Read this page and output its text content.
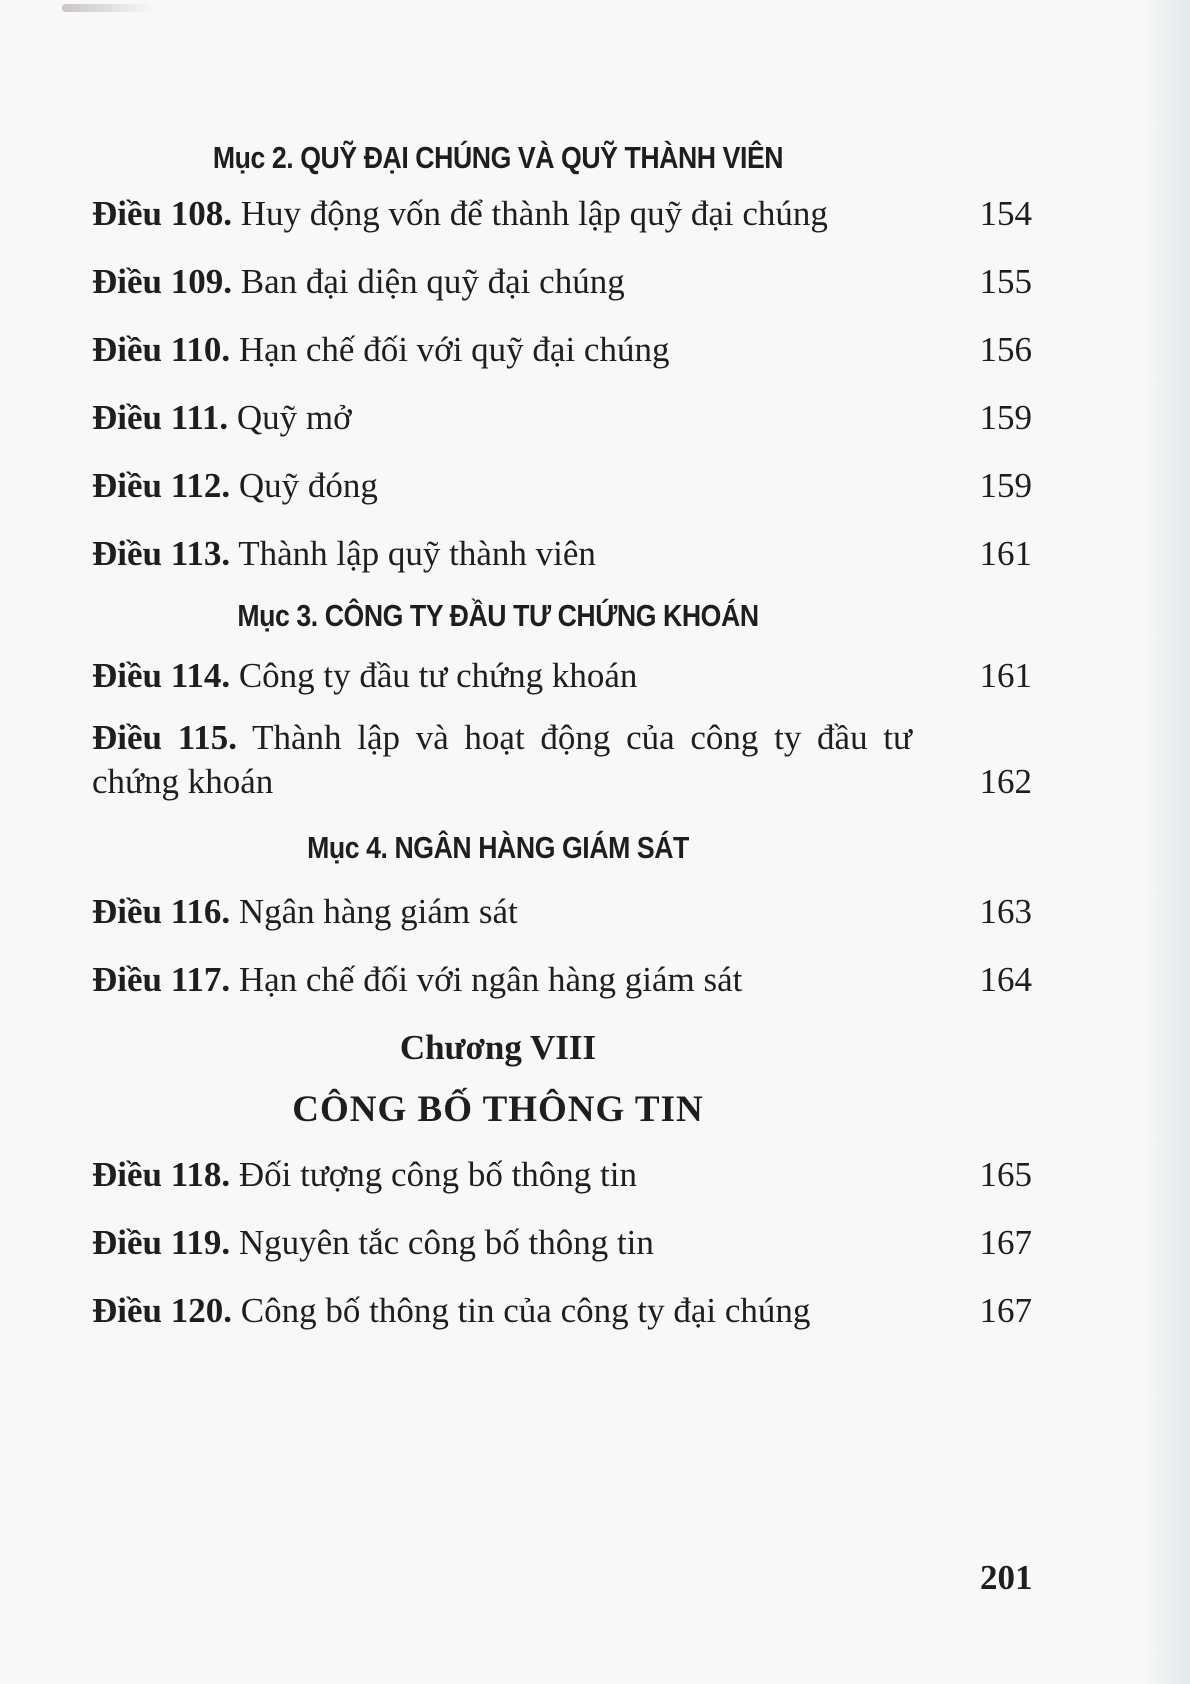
Mục 2. QUỸ ĐẠI CHÚNG VÀ QUỸ THÀNH VIÊN
Điều 108. Huy động vốn để thành lập quỹ đại chúng	154
Điều 109. Ban đại diện quỹ đại chúng	155
Điều 110. Hạn chế đối với quỹ đại chúng	156
Điều 111. Quỹ mở	159
Điều 112. Quỹ đóng	159
Điều 113. Thành lập quỹ thành viên	161
Mục 3. CÔNG TY ĐẦU TƯ CHỨNG KHOÁN
Điều 114. Công ty đầu tư chứng khoán	161
Điều 115. Thành lập và hoạt động của công ty đầu tư chứng khoán	162
Mục 4. NGÂN HÀNG GIÁM SÁT
Điều 116. Ngân hàng giám sát	163
Điều 117. Hạn chế đối với ngân hàng giám sát	164
Chương VIII
CÔNG BỐ THÔNG TIN
Điều 118. Đối tượng công bố thông tin	165
Điều 119. Nguyên tắc công bố thông tin	167
Điều 120. Công bố thông tin của công ty đại chúng	167
201
